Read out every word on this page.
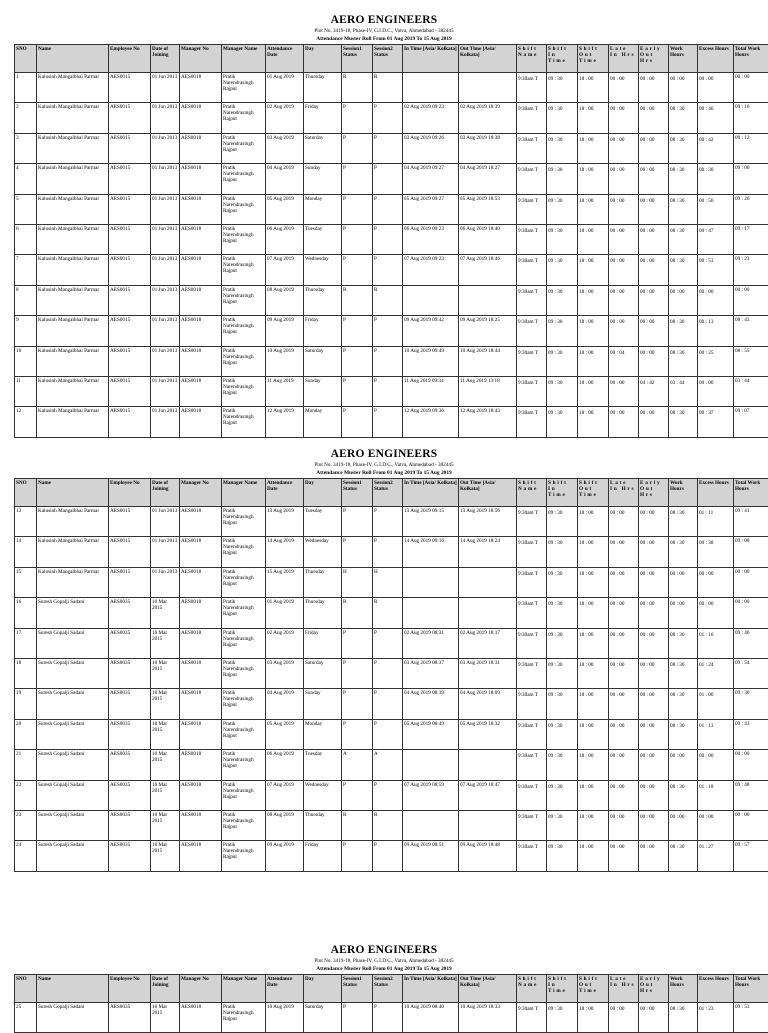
AERO ENGINEERS
Plot No. 3419-18, Phase-IV, G.I.D.C., Vatva, Ahmedabad - 382445
Attendance Muster Roll From 01 Aug 2019 To 15 Aug 2019
SNO	Name	Employee No	Date of Joining	Manager No	Manager Name	Attendance Date	Day	Session1 Status	Session2 Status	In Time [Asia/ Kolkata]	Out Time [Asia/ Kolkata]	Shift Name	Shift In Time	Shift Out Time	Late In Hrs	Early Out Hrs	Work Hours	Excess Hours	Total Work Hours
1	Kalusinh Mangalbhai Parmar	AES0015	01 Jun 2013	AES0018	Pratik Narendrasingh Rajput	01 Aug 2019	Thursday	R	R			9:30am T	09 : 30	18 : 00	00 : 00	00 : 00	00 : 00	00 : 00	00 : 00
2	Kalusinh Mangalbhai Parmar	AES0015	01 Jun 2013	AES0018	Pratik Narendrasingh Rajput	02 Aug 2019	Friday	P	P	02 Aug 2019 09:23	02 Aug 2019 18:39	9:30am T	09 : 30	18 : 00	00 : 00	00 : 00	08 : 30	00 : 46	09 : 16
3	Kalusinh Mangalbhai Parmar	AES0015	01 Jun 2013	AES0018	Pratik Narendrasingh Rajput	03 Aug 2019	Saturday	P	P	03 Aug 2019 09:26	03 Aug 2019 18:38	9:30am T	09 : 30	18 : 00	00 : 00	00 : 00	08 : 30	00 : 42	09 : 12
4	Kalusinh Mangalbhai Parmar	AES0015	01 Jun 2013	AES0018	Pratik Narendrasingh Rajput	04 Aug 2019	Sunday	P	P	04 Aug 2019 09:27	04 Aug 2019 18:27	9:30am T	09 : 30	18 : 00	00 : 00	00 : 00	08 : 30	00 : 30	09 : 00
5	Kalusinh Mangalbhai Parmar	AES0015	01 Jun 2013	AES0018	Pratik Narendrasingh Rajput	05 Aug 2019	Monday	P	P	05 Aug 2019 09:27	05 Aug 2019 18:53	9:30am T	09 : 30	18 : 00	00 : 00	00 : 00	08 : 30	00 : 56	09 : 26
6	Kalusinh Mangalbhai Parmar	AES0015	01 Jun 2013	AES0018	Pratik Narendrasingh Rajput	06 Aug 2019	Tuesday	P	P	06 Aug 2019 09:23	06 Aug 2019 18:40	9:30am T	09 : 30	18 : 00	00 : 00	00 : 00	08 : 30	00 : 47	09 : 17
7	Kalusinh Mangalbhai Parmar	AES0015	01 Jun 2013	AES0018	Pratik Narendrasingh Rajput	07 Aug 2019	Wednesday	P	P	07 Aug 2019 09:23	07 Aug 2019 18:46	9:30am T	09 : 30	18 : 00	00 : 00	00 : 00	08 : 30	00 : 53	09 : 23
8	Kalusinh Mangalbhai Parmar	AES0015	01 Jun 2013	AES0018	Pratik Narendrasingh Rajput	08 Aug 2019	Thursday	R	R			9:30am T	09 : 30	18 : 00	00 : 00	00 : 00	00 : 00	00 : 00	00 : 00
9	Kalusinh Mangalbhai Parmar	AES0015	01 Jun 2013	AES0018	Pratik Narendrasingh Rajput	09 Aug 2019	Friday	P	P	09 Aug 2019 09:42	09 Aug 2019 18:25	9:30am T	09 : 30	18 : 00	00 : 00	00 : 00	08 : 30	00 : 13	08 : 43
10	Kalusinh Mangalbhai Parmar	AES0015	01 Jun 2013	AES0018	Pratik Narendrasingh Rajput	10 Aug 2019	Saturday	P	P	10 Aug 2019 09:49	10 Aug 2019 18:44	9:30am T	09 : 30	18 : 00	00 : 04	00 : 00	08 : 30	00 : 25	08 : 55
11	Kalusinh Mangalbhai Parmar	AES0015	01 Jun 2013	AES0018	Pratik Narendrasingh Rajput	11 Aug 2019	Sunday	P	P	11 Aug 2019 09:34	11 Aug 2019 13:18	9:30am T	09 : 30	18 : 00	00 : 00	04 : 42	03 : 44	00 : 00	03 : 44
12	Kalusinh Mangalbhai Parmar	AES0015	01 Jun 2013	AES0018	Pratik Narendrasingh Rajput	12 Aug 2019	Monday	P	P	12 Aug 2019 09:36	12 Aug 2019 18:43	9:30am T	09 : 30	18 : 00	00 : 00	00 : 00	08 : 30	00 : 37	09 : 07
AERO ENGINEERS
Plot No. 3419-18, Phase-IV, G.I.D.C., Vatva, Ahmedabad - 382445
Attendance Muster Roll From 01 Aug 2019 To 15 Aug 2019
SNO	Name	Employee No	Date of Joining	Manager No	Manager Name	Attendance Date	Day	Session1 Status	Session2 Status	In Time [Asia/ Kolkata]	Out Time [Asia/ Kolkata]	Shift Name	Shift In Time	Shift Out Time	Late In Hrs	Early Out Hrs	Work Hours	Excess Hours	Total Work Hours
13	Kalusinh Mangalbhai Parmar	AES0015	01 Jun 2013	AES0018	Pratik Narendrasingh Rajput	13 Aug 2019	Tuesday	P	P	13 Aug 2019 09:15	13 Aug 2019 18:56	9:30am T	09 : 30	18 : 00	00 : 00	00 : 00	08 : 30	01 : 11	09 : 41
14	Kalusinh Mangalbhai Parmar	AES0015	01 Jun 2013	AES0018	Pratik Narendrasingh Rajput	14 Aug 2019	Wednesday	P	P	14 Aug 2019 09:16	14 Aug 2019 18:24	9:30am T	09 : 30	18 : 00	00 : 00	00 : 00	08 : 30	00 : 38	09 : 08
15	Kalusinh Mangalbhai Parmar	AES0015	01 Jun 2013	AES0018	Pratik Narendrasingh Rajput	15 Aug 2019	Thursday	H	H			9:30am T	09 : 30	18 : 00	00 : 00	00 : 00	00 : 00	00 : 00	00 : 00
16	Suresh Gopalji Sadani	AES0035	10 Mar 2015	AES0018	Pratik Narendrasingh Rajput	01 Aug 2019	Thursday	R	R			9:30am T	09 : 30	18 : 00	00 : 00	00 : 00	00 : 00	00 : 00	00 : 00
17	Suresh Gopalji Sadani	AES0035	10 Mar 2015	AES0018	Pratik Narendrasingh Rajput	02 Aug 2019	Friday	P	P	02 Aug 2019 08:31	02 Aug 2019 18:17	9:30am T	09 : 30	18 : 00	00 : 00	00 : 00	08 : 30	01 : 16	09 : 46
18	Suresh Gopalji Sadani	AES0035	10 Mar 2015	AES0018	Pratik Narendrasingh Rajput	03 Aug 2019	Saturday	P	P	03 Aug 2019 08:37	03 Aug 2019 18:31	9:30am T	09 : 30	18 : 00	00 : 00	00 : 00	08 : 30	01 : 24	09 : 54
19	Suresh Gopalji Sadani	AES0035	10 Mar 2015	AES0018	Pratik Narendrasingh Rajput	04 Aug 2019	Sunday	P	P	04 Aug 2019 08:39	04 Aug 2019 18:09	9:30am T	09 : 30	18 : 00	00 : 00	00 : 00	08 : 30	01 : 00	09 : 30
20	Suresh Gopalji Sadani	AES0035	10 Mar 2015	AES0018	Pratik Narendrasingh Rajput	05 Aug 2019	Monday	P	P	05 Aug 2019 08:49	05 Aug 2019 18:32	9:30am T	09 : 30	18 : 00	00 : 00	00 : 00	08 : 30	01 : 13	09 : 43
21	Suresh Gopalji Sadani	AES0035	10 Mar 2015	AES0018	Pratik Narendrasingh Rajput	06 Aug 2019	Tuesday	A	A			9:30am T	09 : 30	18 : 00	00 : 00	00 : 00	00 : 00	00 : 00	00 : 00
22	Suresh Gopalji Sadani	AES0035	10 Mar 2015	AES0018	Pratik Narendrasingh Rajput	07 Aug 2019	Wednesday	P	P	07 Aug 2019 08:59	07 Aug 2019 18:47	9:30am T	09 : 30	18 : 00	00 : 00	00 : 00	08 : 30	01 : 18	09 : 48
23	Suresh Gopalji Sadani	AES0035	10 Mar 2015	AES0018	Pratik Narendrasingh Rajput	08 Aug 2019	Thursday	R	R			9:30am T	09 : 30	18 : 00	00 : 00	00 : 00	00 : 00	00 : 00	00 : 00
24	Suresh Gopalji Sadani	AES0035	10 Mar 2015	AES0018	Pratik Narendrasingh Rajput	09 Aug 2019	Friday	P	P	09 Aug 2019 08:51	09 Aug 2019 18:48	9:30am T	09 : 30	18 : 00	00 : 00	00 : 00	08 : 30	01 : 27	09 : 57
AERO ENGINEERS
Plot No. 3419-18, Phase-IV, G.I.D.C., Vatva, Ahmedabad - 382445
Attendance Muster Roll From 01 Aug 2019 To 15 Aug 2019
SNO	Name	Employee No	Date of Joining	Manager No	Manager Name	Attendance Date	Day	Session1 Status	Session2 Status	In Time [Asia/ Kolkata]	Out Time [Asia/ Kolkata]	Shift Name	Shift In Time	Shift Out Time	Late In Hrs	Early Out Hrs	Work Hours	Excess Hours	Total Work Hours
25	Suresh Gopalji Sadani	AES0035	10 Mar 2015	AES0018	Pratik Narendrasingh Rajput	10 Aug 2019	Saturday	P	P	10 Aug 2019 08:40	10 Aug 2019 18:33	9:30am T	09 : 30	18 : 00	00 : 00	00 : 00	08 : 30	01 : 23	09 : 53
